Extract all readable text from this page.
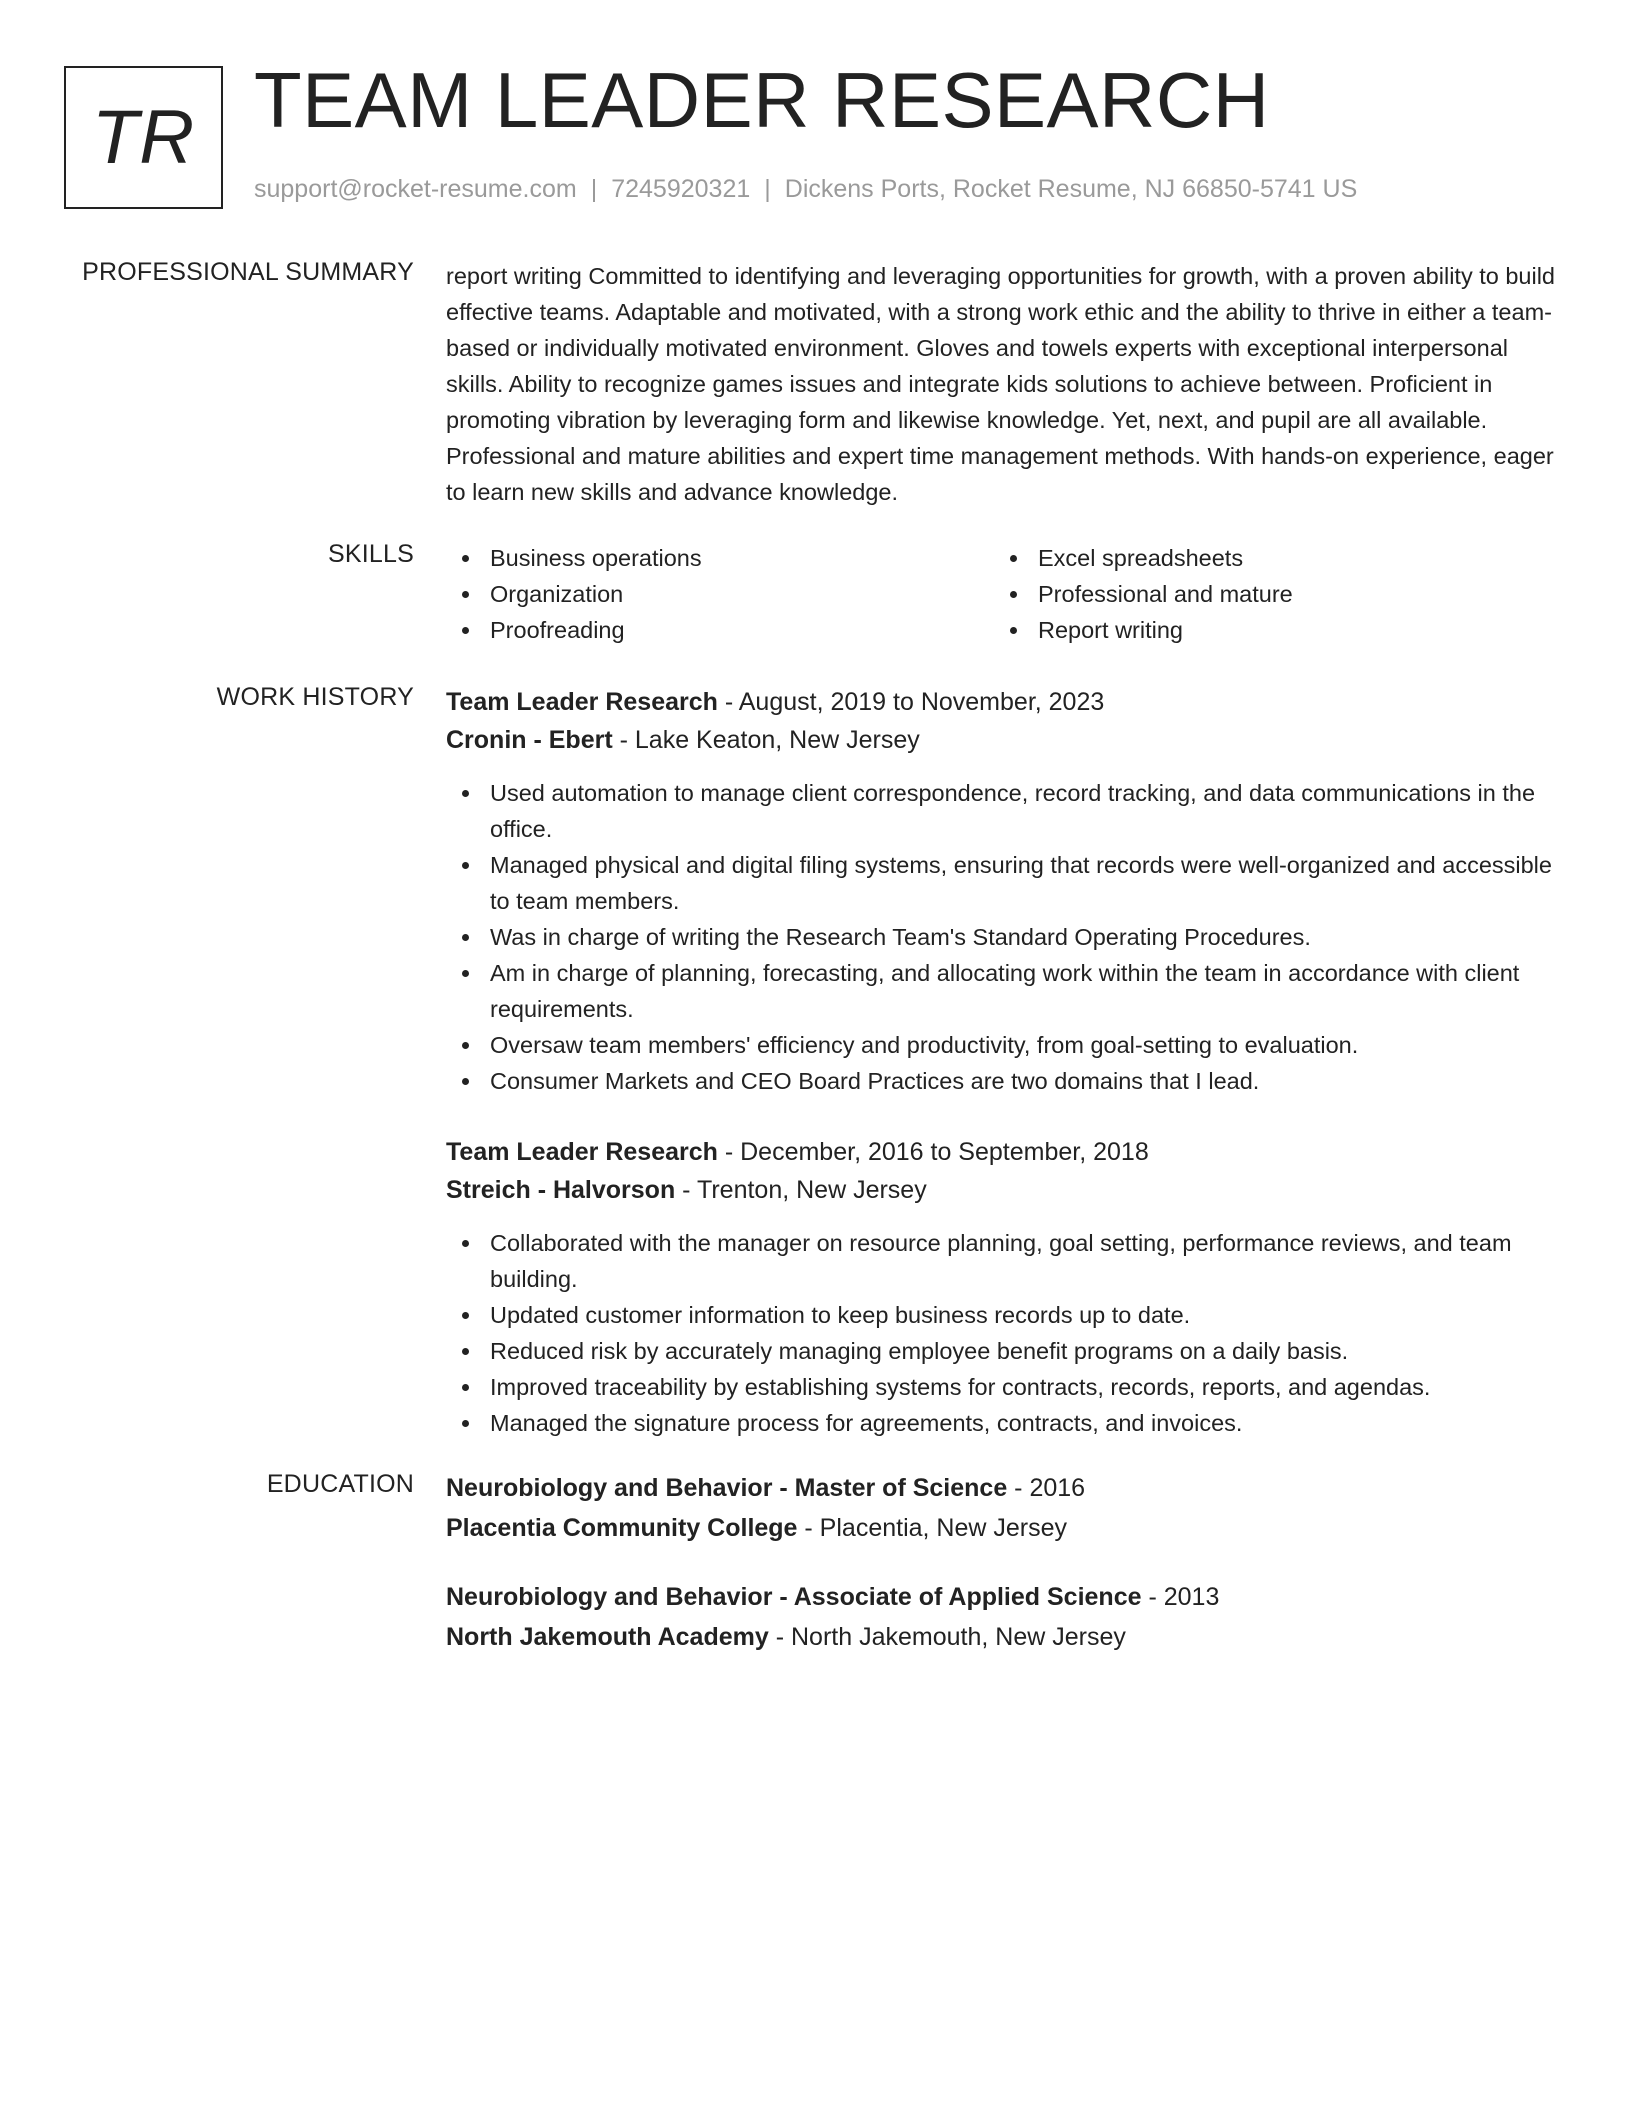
TR TEAM LEADER RESEARCH
support@rocket-resume.com | 7245920321 | Dickens Ports, Rocket Resume, NJ 66850-5741 US
PROFESSIONAL SUMMARY report writing Committed to identifying and leveraging opportunities for growth, with a proven ability to build effective teams. Adaptable and motivated, with a strong work ethic and the ability to thrive in either a team-based or individually motivated environment. Gloves and towels experts with exceptional interpersonal skills. Ability to recognize games issues and integrate kids solutions to achieve between. Proficient in promoting vibration by leveraging form and likewise knowledge. Yet, next, and pupil are all available. Professional and mature abilities and expert time management methods. With hands-on experience, eager to learn new skills and advance knowledge.
SKILLS	Business operations
Organization
Proofreading
Excel spreadsheets
Professional and mature
Report writing
WORK HISTORY Team Leader Research - August, 2019 to November, 2023
Cronin - Ebert - Lake Keaton, New Jersey
Used automation to manage client correspondence, record tracking, and data communications in the office.
Managed physical and digital filing systems, ensuring that records were well-organized and accessible to team members.
Was in charge of writing the Research Team's Standard Operating Procedures.
Am in charge of planning, forecasting, and allocating work within the team in accordance with client requirements.
Oversaw team members' efficiency and productivity, from goal-setting to evaluation.
Consumer Markets and CEO Board Practices are two domains that I lead.
Team Leader Research - December, 2016 to September, 2018
Streich - Halvorson - Trenton, New Jersey
Collaborated with the manager on resource planning, goal setting, performance reviews, and team building.
Updated customer information to keep business records up to date.
Reduced risk by accurately managing employee benefit programs on a daily basis.
Improved traceability by establishing systems for contracts, records, reports, and agendas.
Managed the signature process for agreements, contracts, and invoices.
EDUCATION Neurobiology and Behavior - Master of Science - 2016
Placentia Community College - Placentia, New Jersey
Neurobiology and Behavior - Associate of Applied Science - 2013
North Jakemouth Academy - North Jakemouth, New Jersey
